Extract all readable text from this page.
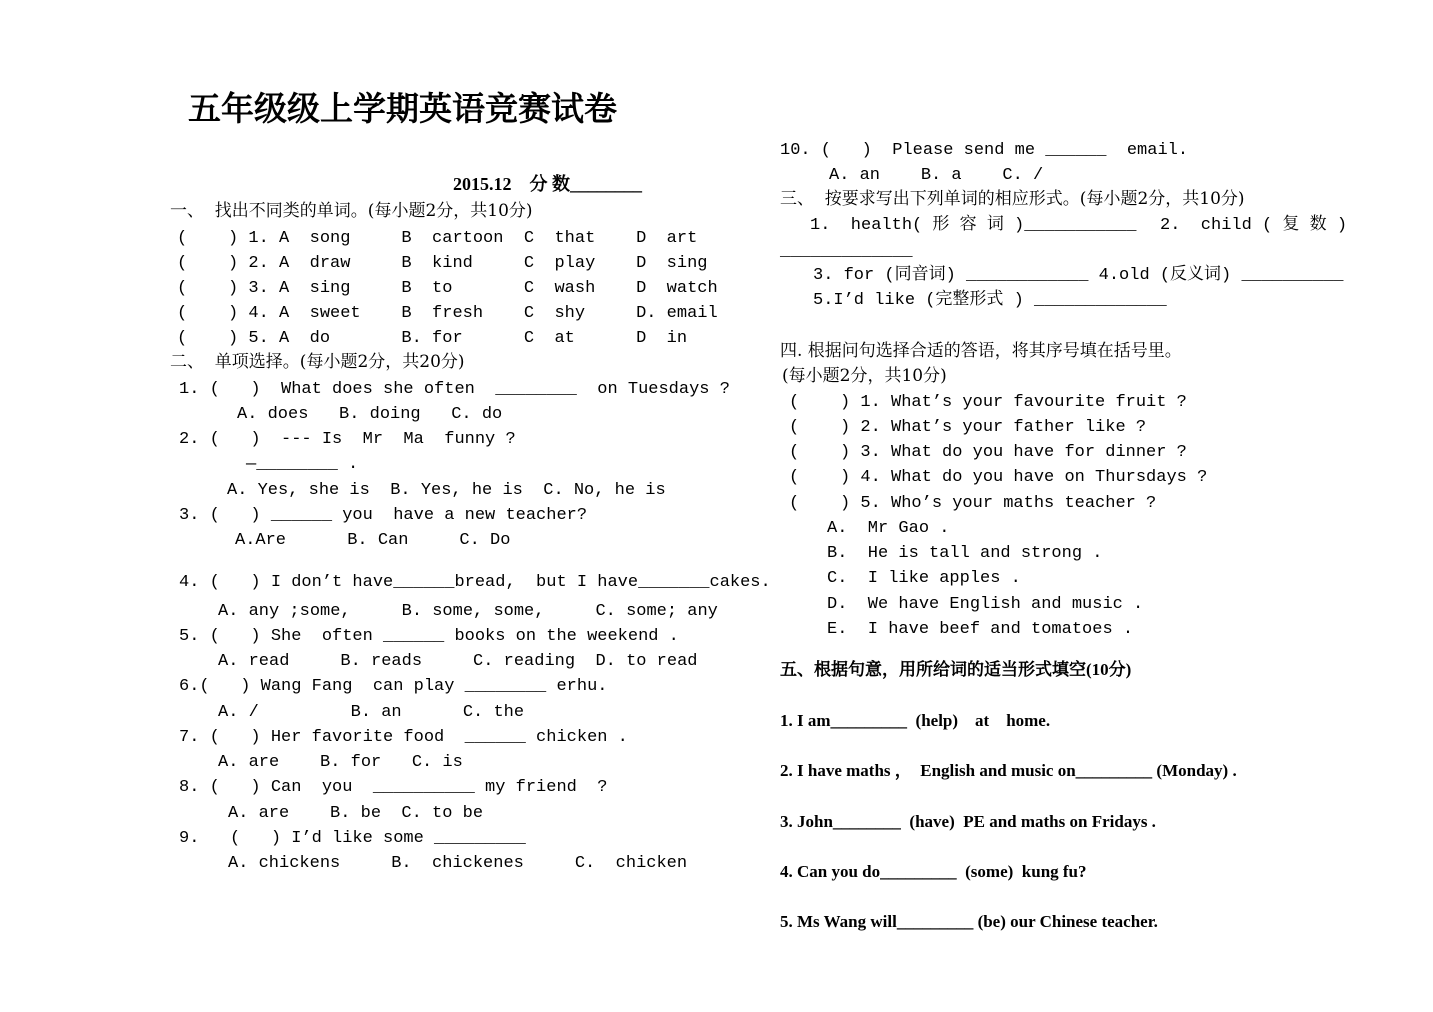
五年级级上学期英语竞赛试卷
2015.12    分 数________
一、  找出不同类的单词。(每小题2分，共10分)
(    ) 1. A  song     B  cartoon  C  that    D  art
(    ) 2. A  draw     B  kind     C  play    D  sing
(    ) 3. A  sing     B  to       C  wash    D  watch
(    ) 4. A  sweet    B  fresh    C  shy     D. email
(    ) 5. A  do       B. for      C  at      D  in
二、  单项选择。(每小题2分，共20分)
1. (   )  What does she often  ________  on Tuesdays ?
A. does   B. doing   C. do
2. (   )  --- Is  Mr  Ma  funny ?
—________ .
A. Yes, she is  B. Yes, he is  C. No, he is
3. (   ) ______ you  have a new teacher?
A.Are      B. Can     C. Do
4. (   ) I don’t have______bread,  but I have_______cakes.
A. any ;some,     B. some, some,     C. some; any
5. (   ) She  often ______ books on the weekend .
A. read     B. reads     C. reading  D. to read
6.(   ) Wang Fang  can play ________ erhu.
A. /         B. an      C. the
7. (   ) Her favorite food  ______ chicken .
A. are    B. for   C. is
8. (   ) Can  you  __________ my friend  ?
A. are    B. be  C. to be
9.   (   ) I’d like some _________
A. chickens     B.  chickenes     C.  chicken
10. (   )  Please send me ______  email.
A. an    B. a    C. /
三、  按要求写出下列单词的相应形式。(每小题2分，共10分)
1.  health( 形 容 词 )___________ 2.  child ( 复 数 )
_____________
3. for (同音词) ____________ 4.old (反义词) __________
5.I’d like (完整形式 ) _____________
四. 根据问句选择合适的答语，将其序号填在括号里。
(每小题2分，共10分)
(    ) 1. What’s your favourite fruit ?
(    ) 2. What’s your father like ?
(    ) 3. What do you have for dinner ?
(    ) 4. What do you have on Thursdays ?
(    ) 5. Who’s your maths teacher ?
A.  Mr Gao .
B.  He is tall and strong .
C.  I like apples .
D.  We have English and music .
E.  I have beef and tomatoes .
五、根据句意，用所给词的适当形式填空(10分)
1. I am_________  (help)    at    home.
2. I have maths ，  English and music on_________ (Monday) .
3. John________  (have)  PE and maths on Fridays .
4. Can you do_________  (some)  kung fu?
5. Ms Wang will_________ (be) our Chinese teacher.
